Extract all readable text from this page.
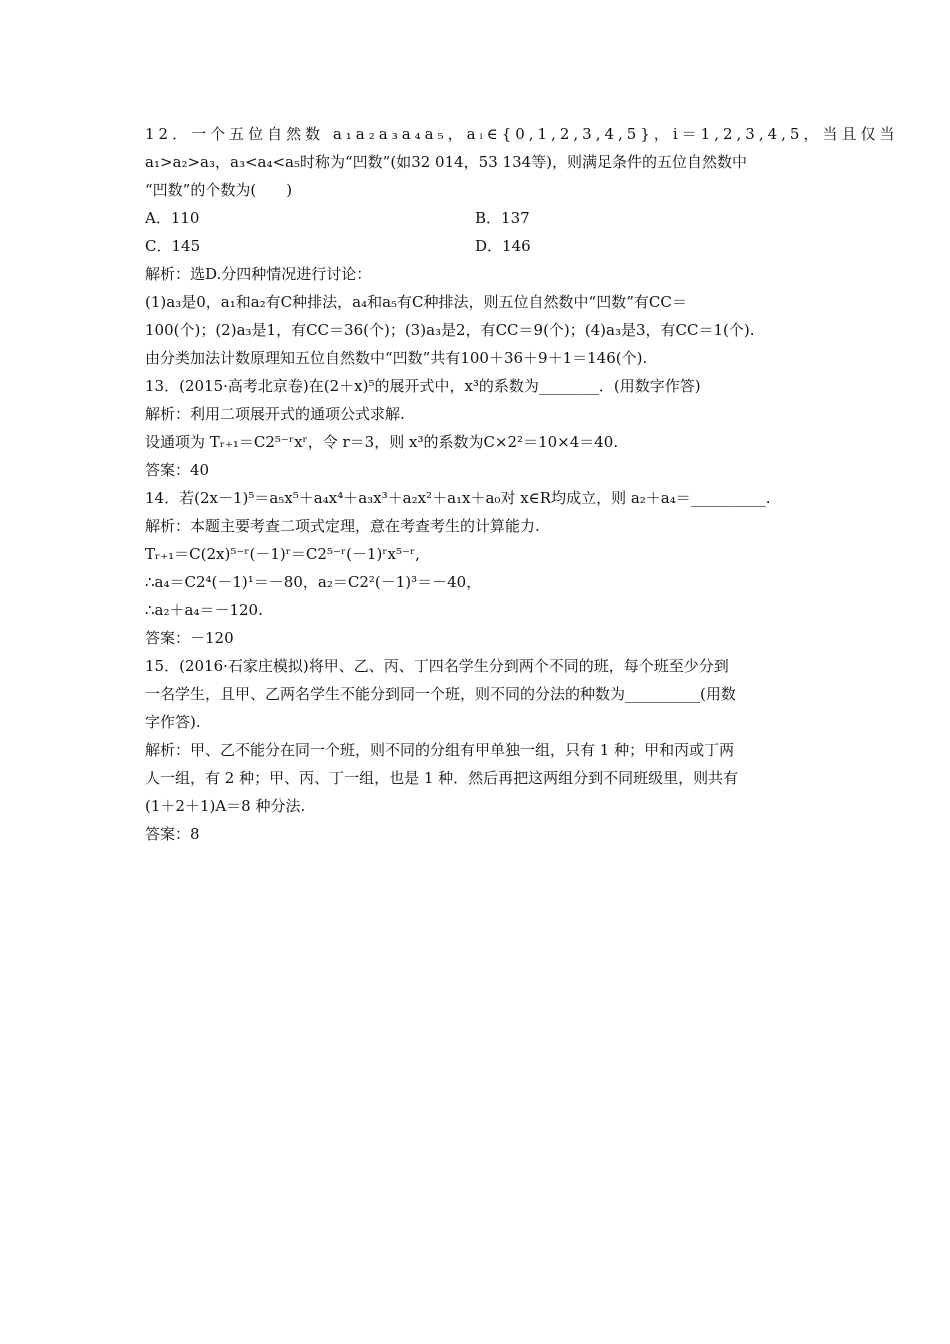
12．一个五位自然数 a₁a₂a₃a₄a₅，aᵢ∈{0,1,2,3,4,5}，i＝1,2,3,4,5，当且仅当
a₁>a₂>a₃，a₃<a₄<a₅时称为“凹数”(如32 014，53 134等)，则满足条件的五位自然数中
“凹数”的个数为(　　)
A．110	B．137
C．145	D．146
解析：选D.分四种情况进行讨论：
(1)a₃是0，a₁和a₂有C种排法，a₄和a₅有C种排法，则五位自然数中“凹数”有CC＝
100(个)；(2)a₃是1，有CC＝36(个)；(3)a₃是2，有CC＝9(个)；(4)a₃是3，有CC＝1(个).
由分类加法计数原理知五位自然数中“凹数”共有100＋36＋9＋1＝146(个).
13．(2015·高考北京卷)在(2＋x)⁵的展开式中，x³的系数为________．(用数字作答)
解析：利用二项展开式的通项公式求解.
设通项为 Tᵣ₊₁＝C2⁵⁻ʳxʳ，令 r＝3，则 x³的系数为C×2²＝10×4＝40.
答案：40
14．若(2x－1)⁵＝a₅x⁵＋a₄x⁴＋a₃x³＋a₂x²＋a₁x＋a₀对 x∈R均成立，则 a₂＋a₄＝__________.
解析：本题主要考查二项式定理，意在考查考生的计算能力.
Tᵣ₊₁＝C(2x)⁵⁻ʳ(－1)ʳ＝C2⁵⁻ʳ(－1)ʳx⁵⁻ʳ,
∴a₄＝C2⁴(－1)¹＝－80，a₂＝C2²(－1)³＝－40，
∴a₂＋a₄＝－120.
答案：－120
15．(2016·石家庄模拟)将甲、乙、丙、丁四名学生分到两个不同的班，每个班至少分到
一名学生，且甲、乙两名学生不能分到同一个班，则不同的分法的种数为__________(用数
字作答).
解析：甲、乙不能分在同一个班，则不同的分组有甲单独一组，只有 1 种；甲和丙或丁两
人一组，有 2 种；甲、丙、丁一组，也是 1 种．然后再把这两组分到不同班级里，则共有
(1＋2＋1)A＝8 种分法.
答案：8
